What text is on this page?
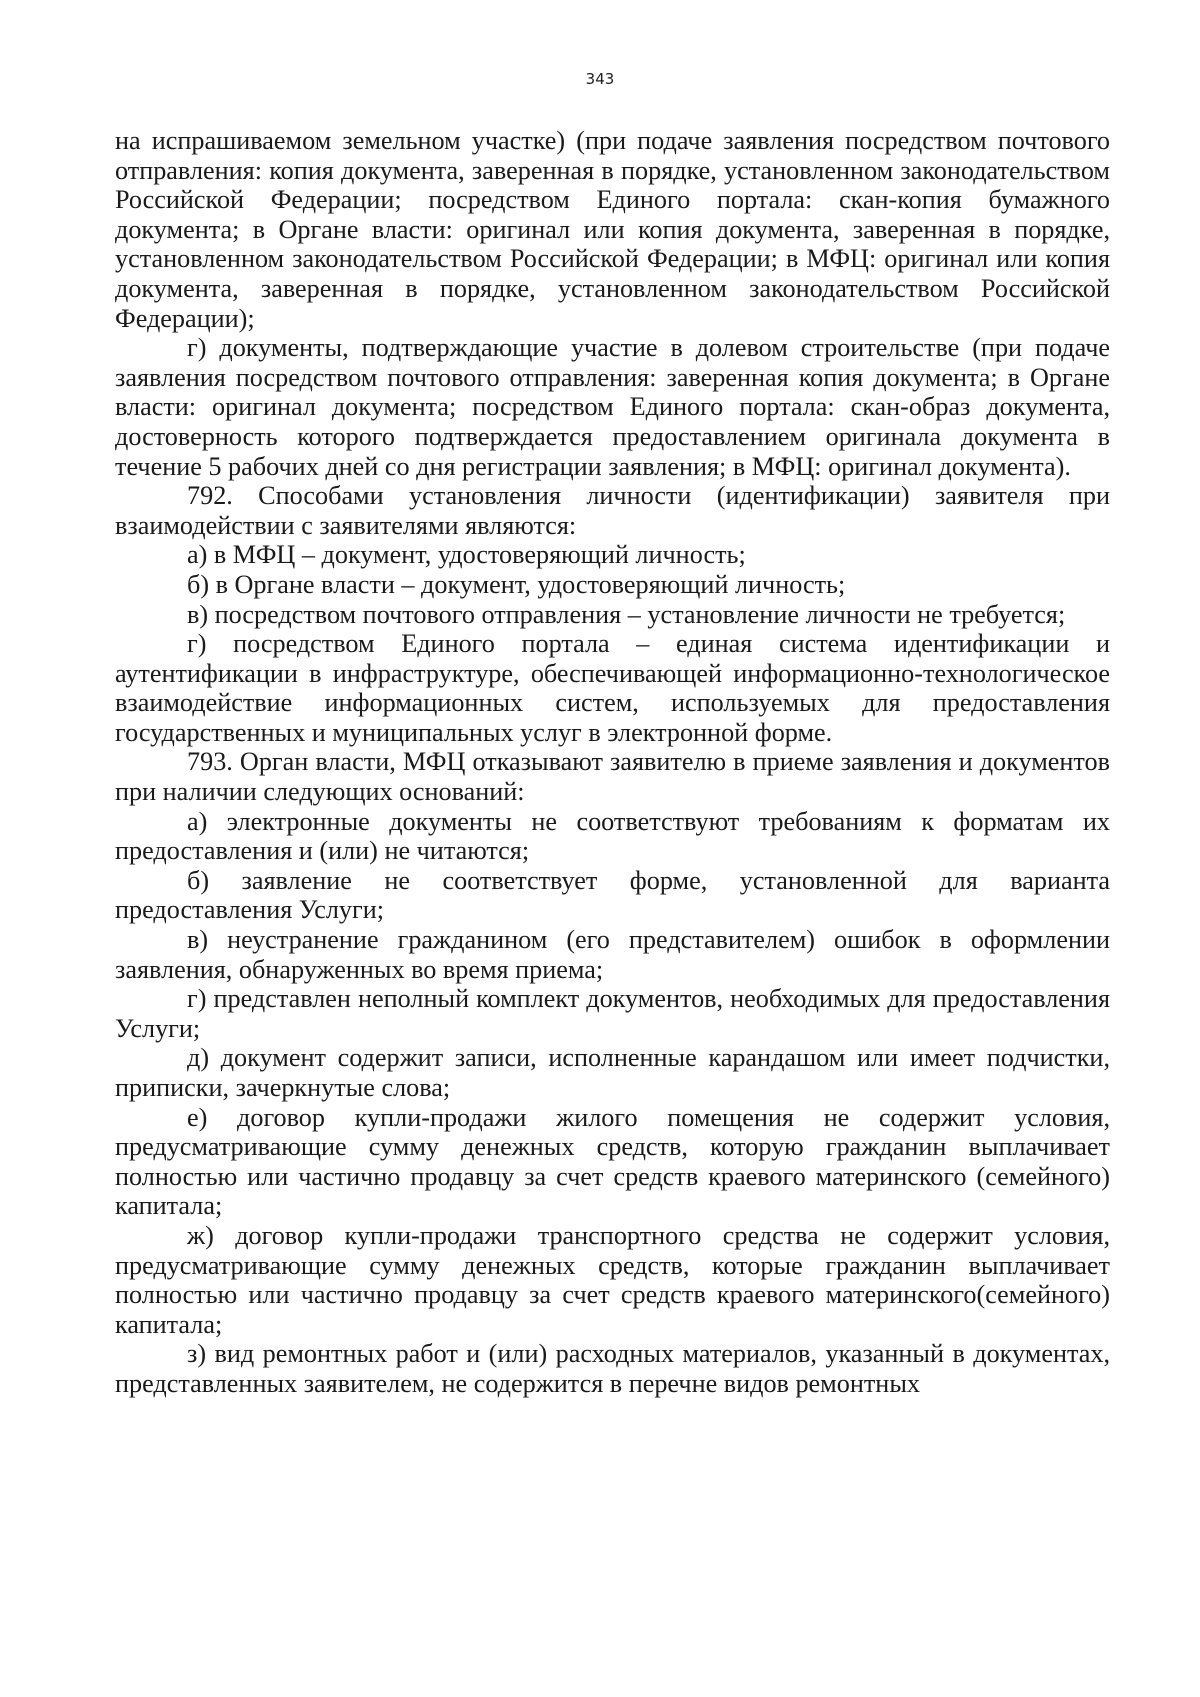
343

на испрашиваемом земельном участке) (при подаче заявления посредством почтового отправления: копия документа, заверенная в порядке, установленном законодательством Российской Федерации; посредством Единого портала: скан-копия бумажного документа; в Органе власти: оригинал или копия документа, заверенная в порядке, установленном законодательством Российской Федерации; в МФЦ: оригинал или копия документа, заверенная в порядке, установленном законодательством Российской Федерации);

г) документы, подтверждающие участие в долевом строительстве (при подаче заявления посредством почтового отправления: заверенная копия документа; в Органе власти: оригинал документа; посредством Единого портала: скан-образ документа, достоверность которого подтверждается предоставлением оригинала документа в течение 5 рабочих дней со дня регистрации заявления; в МФЦ: оригинал документа).

792. Способами установления личности (идентификации) заявителя при взаимодействии с заявителями являются:

а) в МФЦ – документ, удостоверяющий личность;

б) в Органе власти – документ, удостоверяющий личность;

в) посредством почтового отправления – установление личности не требуется;

г) посредством Единого портала – единая система идентификации и аутентификации в инфраструктуре, обеспечивающей информационно-технологическое взаимодействие информационных систем, используемых для предоставления государственных и муниципальных услуг в электронной форме.

793. Орган власти, МФЦ отказывают заявителю в приеме заявления и документов при наличии следующих оснований:

а) электронные документы не соответствуют требованиям к форматам их предоставления и (или) не читаются;

б) заявление не соответствует форме, установленной для варианта предоставления Услуги;

в) неустранение гражданином (его представителем) ошибок в оформлении заявления, обнаруженных во время приема;

г) представлен неполный комплект документов, необходимых для предоставления Услуги;

д) документ содержит записи, исполненные карандашом или имеет подчистки, приписки, зачеркнутые слова;

е) договор купли-продажи жилого помещения не содержит условия, предусматривающие сумму денежных средств, которую гражданин выплачивает полностью или частично продавцу за счет средств краевого материнского (семейного) капитала;

ж) договор купли-продажи транспортного средства не содержит условия, предусматривающие сумму денежных средств, которые гражданин выплачивает полностью или частично продавцу за счет средств краевого материнского(семейного) капитала;

з) вид ремонтных работ и (или) расходных материалов, указанный в документах, представленных заявителем, не содержится в перечне видов ремонтных
